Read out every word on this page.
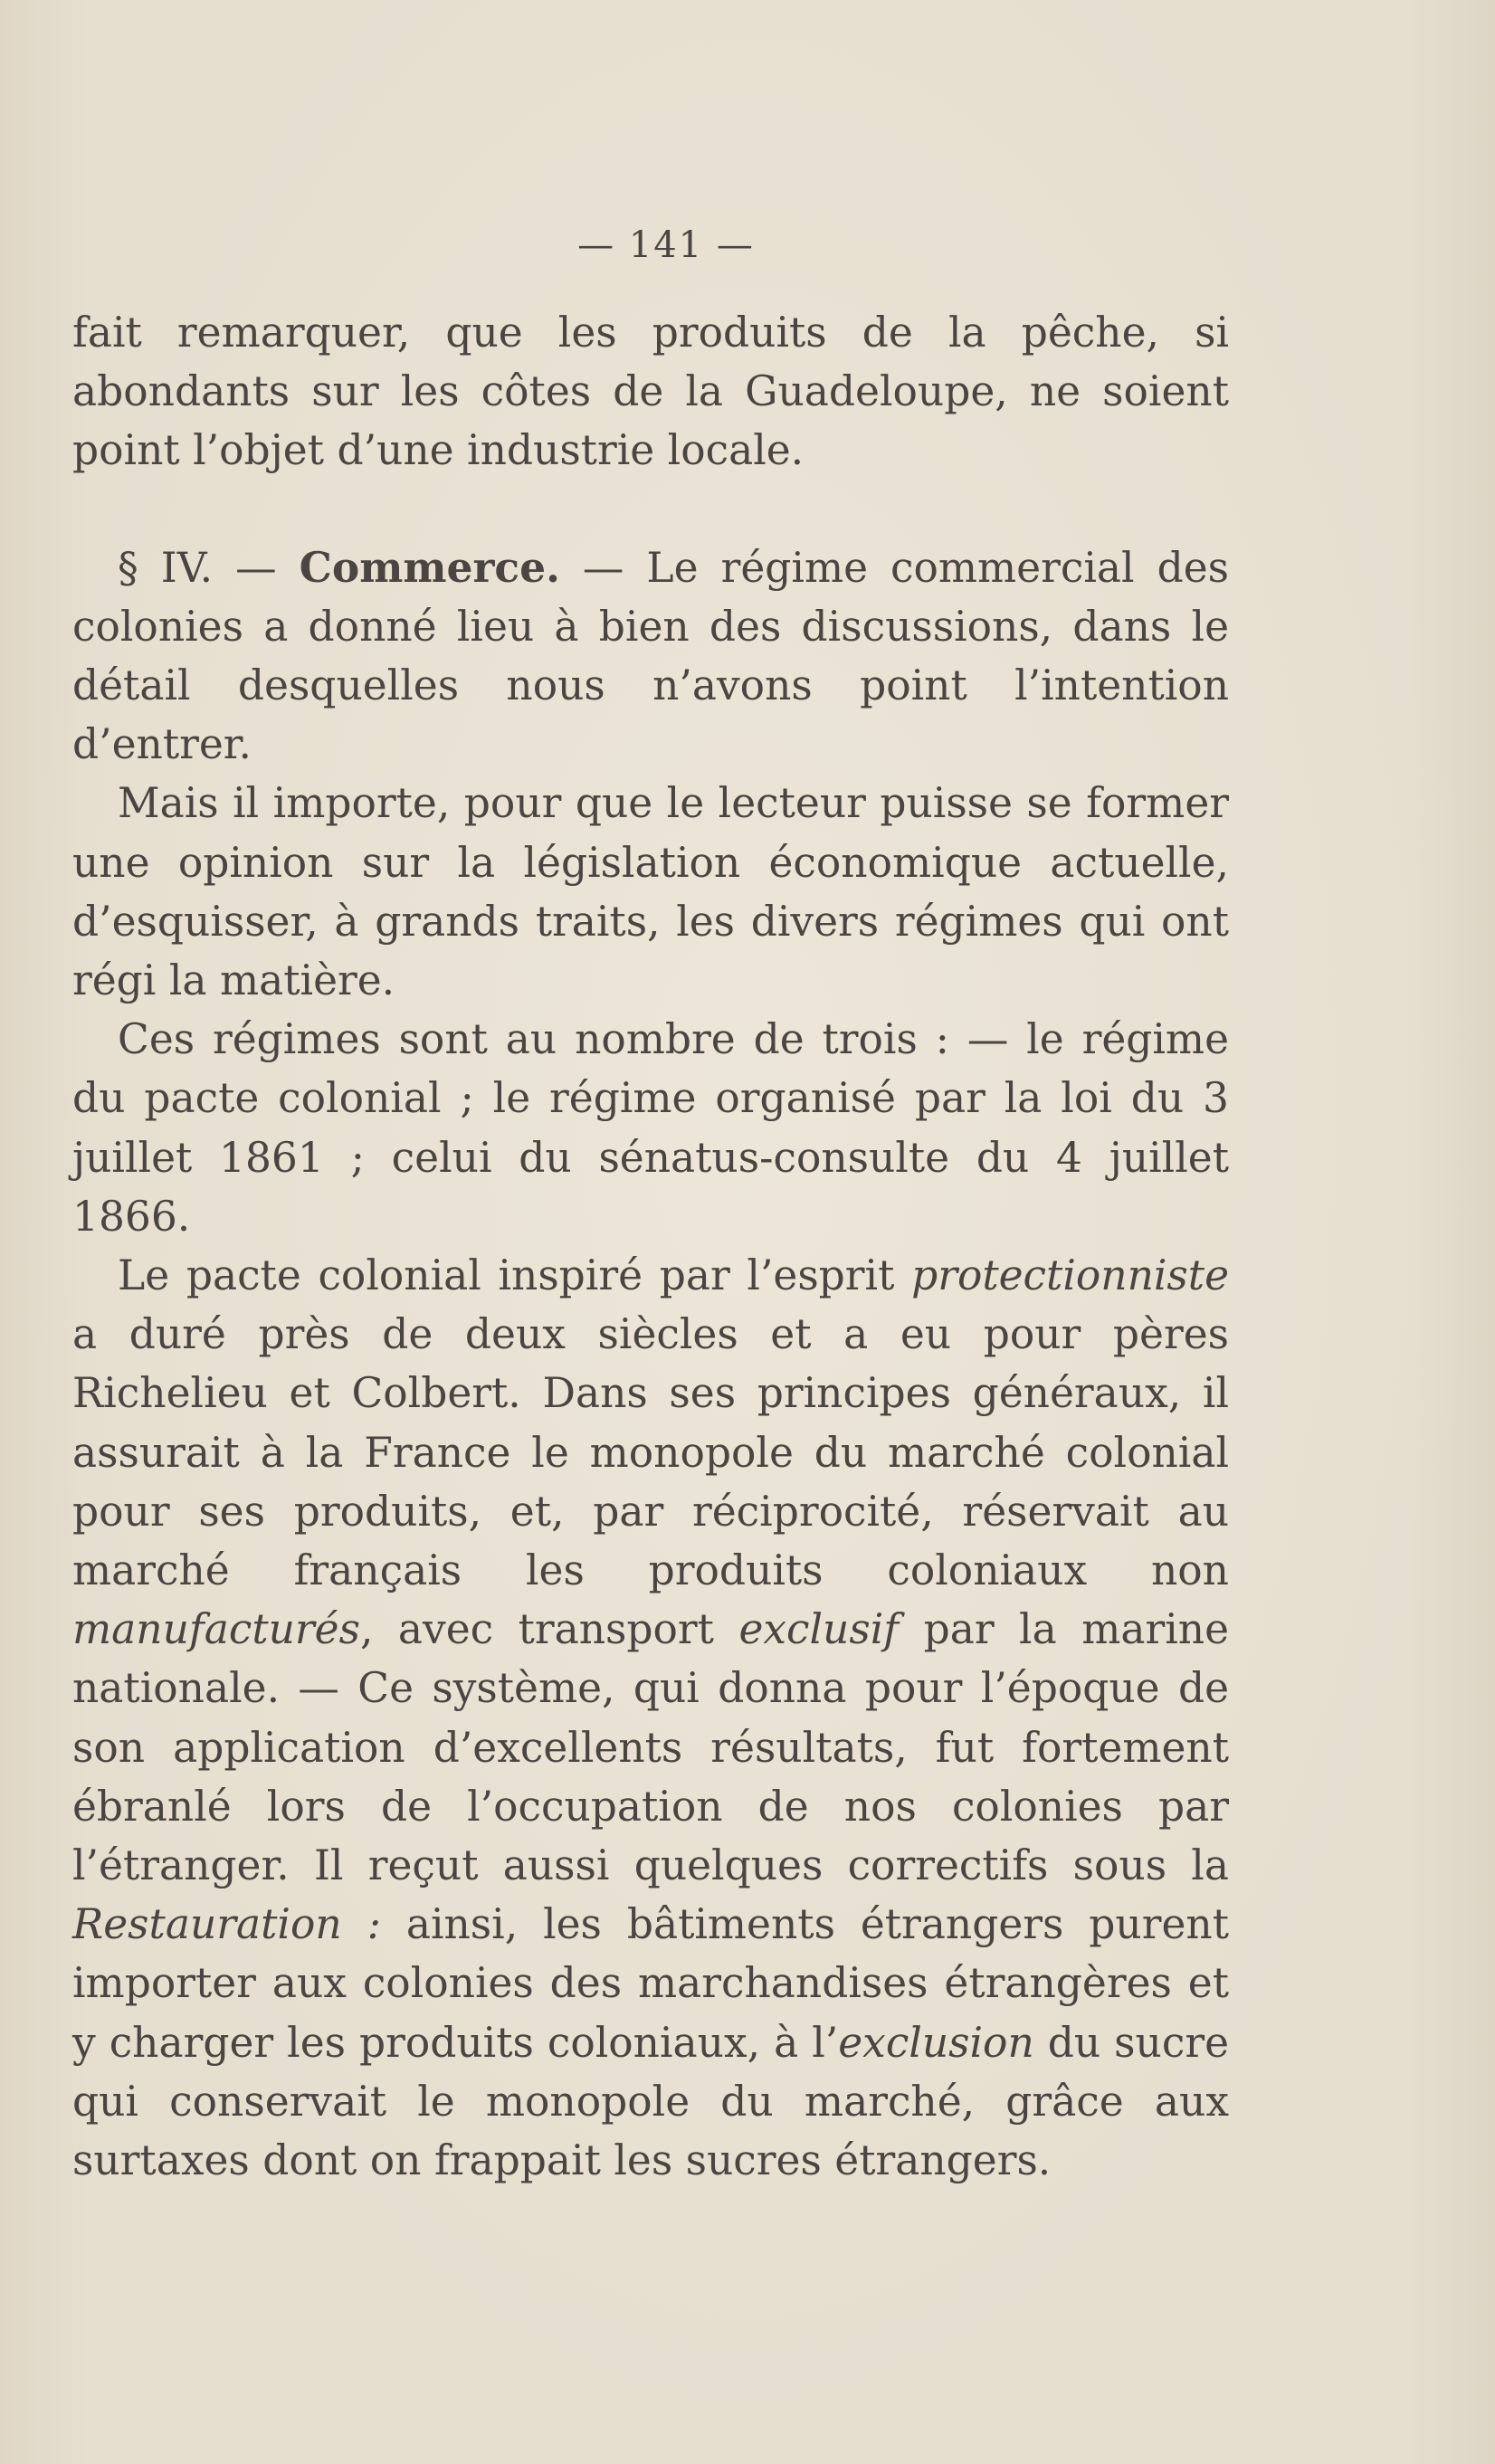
— 141 —

fait remarquer, que les produits de la pêche, si abondants sur les côtes de la Guadeloupe, ne soient point l’objet d’une industrie locale.

§ IV. — Commerce. — Le régime commercial des colonies a donné lieu à bien des discussions, dans le détail desquelles nous n’avons point l’intention d’entrer.

Mais il importe, pour que le lecteur puisse se former une opinion sur la législation économique actuelle, d’esquisser, à grands traits, les divers régimes qui ont régi la matière.

Ces régimes sont au nombre de trois : — le régime du pacte colonial ; le régime organisé par la loi du 3 juillet 1861 ; celui du sénatus-consulte du 4 juillet 1866.

Le pacte colonial inspiré par l’esprit protectionniste a duré près de deux siècles et a eu pour pères Richelieu et Colbert. Dans ses principes généraux, il assurait à la France le monopole du marché colonial pour ses produits, et, par réciprocité, réservait au marché français les produits coloniaux non manufacturés, avec transport exclusif par la marine nationale. — Ce système, qui donna pour l’époque de son application d’excellents résultats, fut fortement ébranlé lors de l’occupation de nos colonies par l’étranger. Il reçut aussi quelques correctifs sous la Restauration : ainsi, les bâtiments étrangers purent importer aux colonies des marchandises étrangères et y charger les produits coloniaux, à l’exclusion du sucre qui conservait le monopole du marché, grâce aux surtaxes dont on frappait les sucres étrangers.
